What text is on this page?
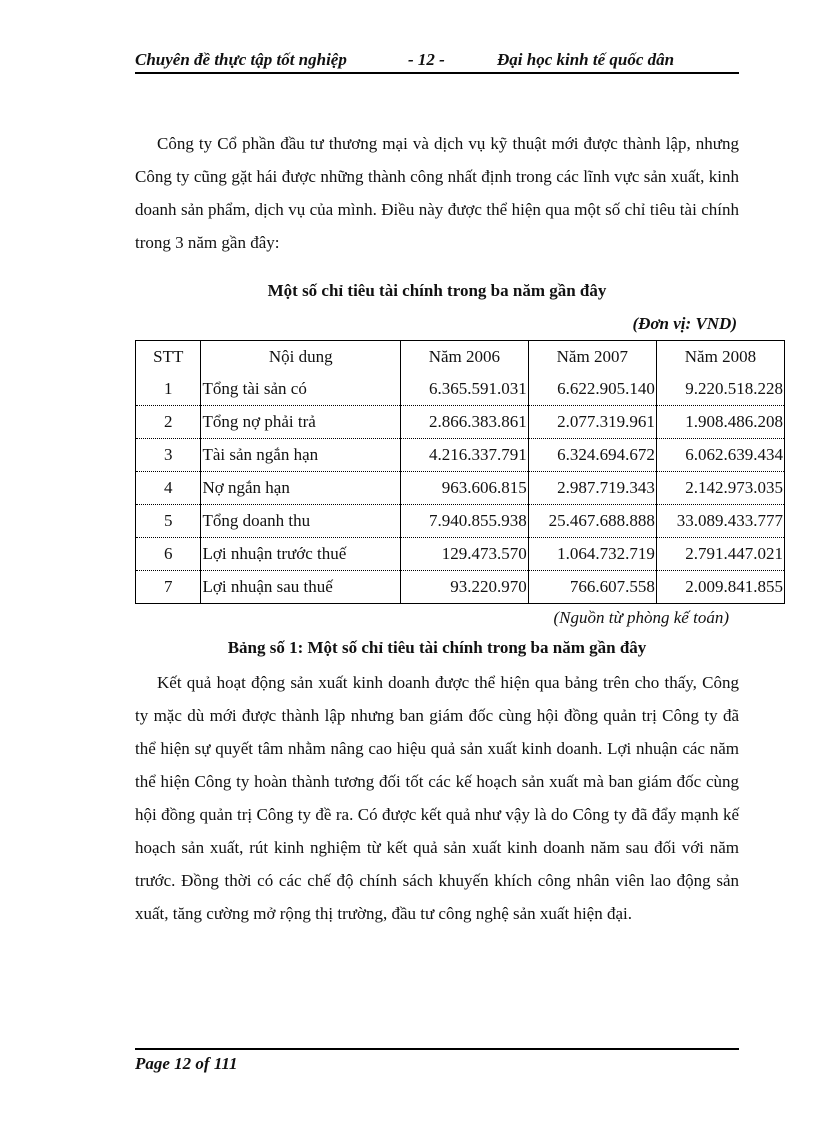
Chuyên đề thực tập tốt nghiệp	- 12 -	Đại học kinh tế quốc dân

Công ty Cổ phần đầu tư thương mại và dịch vụ kỹ thuật mới được thành lập, nhưng Công ty cũng gặt hái được những thành công nhất định trong các lĩnh vực sản xuất, kinh doanh sản phẩm, dịch vụ của mình. Điều này được thể hiện qua một số chỉ tiêu tài chính trong 3 năm gần đây:

Một số chỉ tiêu tài chính trong ba năm gần đây
(Đơn vị: VND)
STT	Nội dung	Năm 2006	Năm 2007	Năm 2008
1	Tổng tài sản có	6.365.591.031	6.622.905.140	9.220.518.228
2	Tổng nợ phải trả	2.866.383.861	2.077.319.961	1.908.486.208
3	Tài sản ngắn hạn	4.216.337.791	6.324.694.672	6.062.639.434
4	Nợ ngắn hạn	963.606.815	2.987.719.343	2.142.973.035
5	Tổng doanh thu	7.940.855.938	25.467.688.888	33.089.433.777
6	Lợi nhuận trước thuế	129.473.570	1.064.732.719	2.791.447.021
7	Lợi nhuận sau thuế	93.220.970	766.607.558	2.009.841.855
(Nguồn từ phòng kế toán)
Bảng số 1: Một số chỉ tiêu tài chính trong ba năm gần đây

Kết quả hoạt động sản xuất kinh doanh được thể hiện qua bảng trên cho thấy, Công ty mặc dù mới được thành lập nhưng ban giám đốc cùng hội đồng quản trị Công ty đã thể hiện sự quyết tâm nhằm nâng cao hiệu quả sản xuất kinh doanh. Lợi nhuận các năm thể hiện Công ty hoàn thành tương đối tốt các kế hoạch sản xuất mà ban giám đốc cùng hội đồng quản trị Công ty đề ra. Có được kết quả như vậy là do Công ty đã đẩy mạnh kế hoạch sản xuất, rút kinh nghiệm từ kết quả sản xuất kinh doanh năm sau đối với năm trước. Đồng thời có các chế độ chính sách khuyến khích công nhân viên lao động sản xuất, tăng cường mở rộng thị trường, đầu tư công nghệ sản xuất hiện đại.

Page 12 of 111
